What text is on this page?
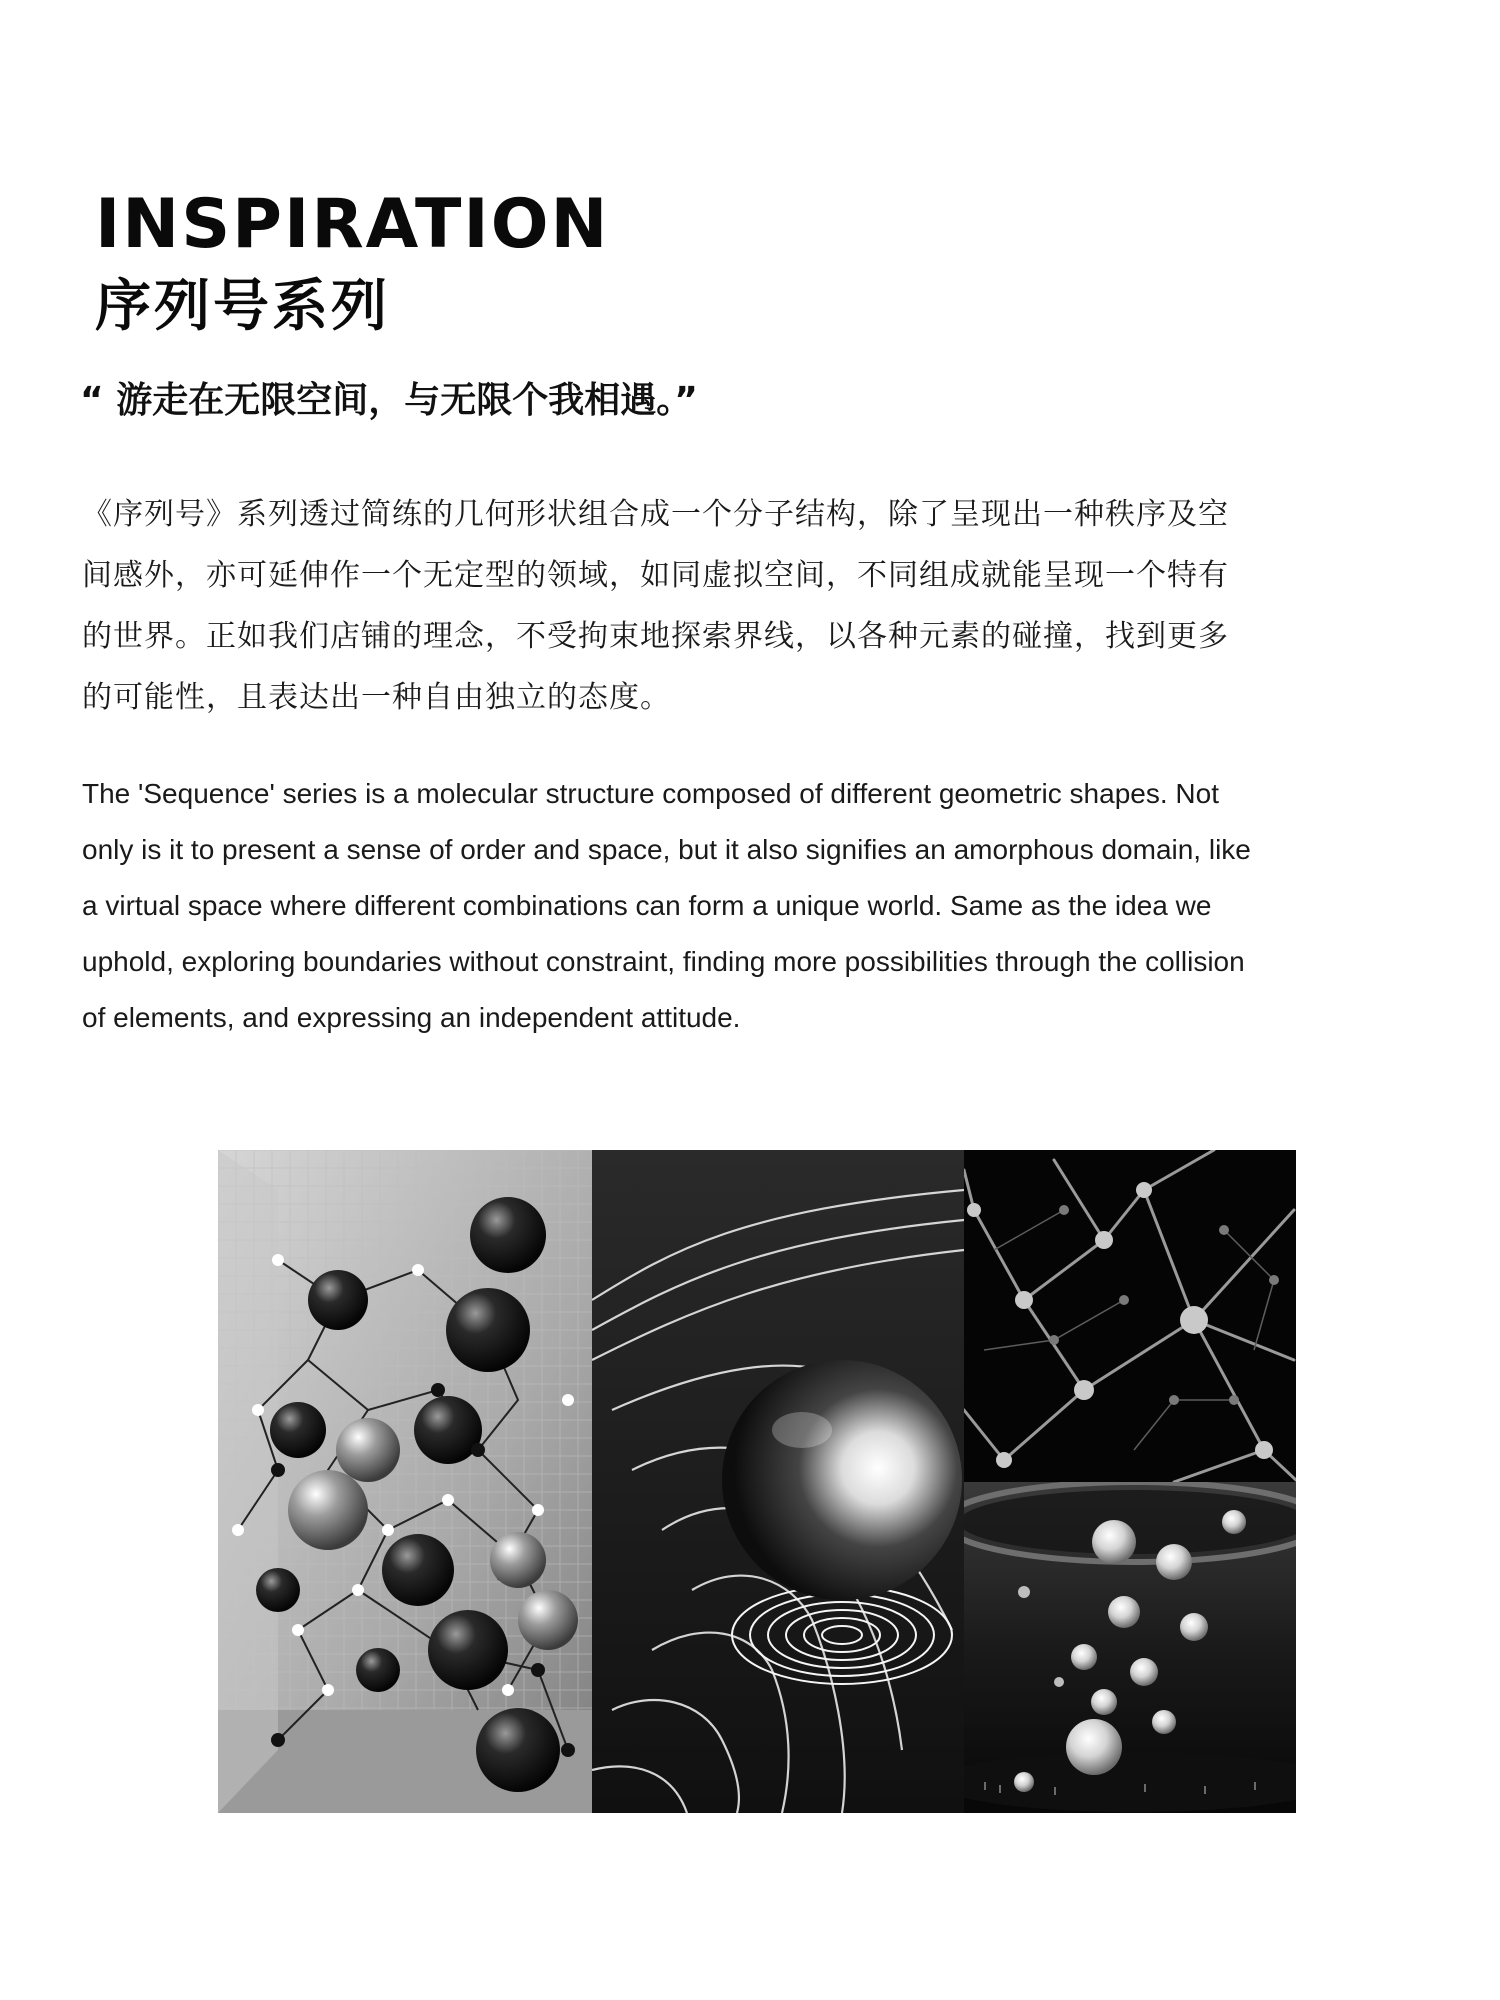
INSPIRATION
序列号系列
“ 游走在无限空间，与无限个我相遇。”
《序列号》系列透过简练的几何形状组合成一个分子结构，除了呈现出一种秩序及空
间感外，亦可延伸作一个无定型的领域，如同虚拟空间，不同组成就能呈现一个特有
的世界。正如我们店铺的理念，不受拘束地探索界线，以各种元素的碰撞，找到更多
的可能性，且表达出一种自由独立的态度。
The 'Sequence' series is a molecular structure composed of different geometric shapes. Not
only is it to present a sense of order and space, but it also signifies an amorphous domain, like
a virtual space where different combinations can form a unique world. Same as the idea we
uphold, exploring boundaries without constraint, finding more possibilities through the collision
of elements, and expressing an independent attitude.
